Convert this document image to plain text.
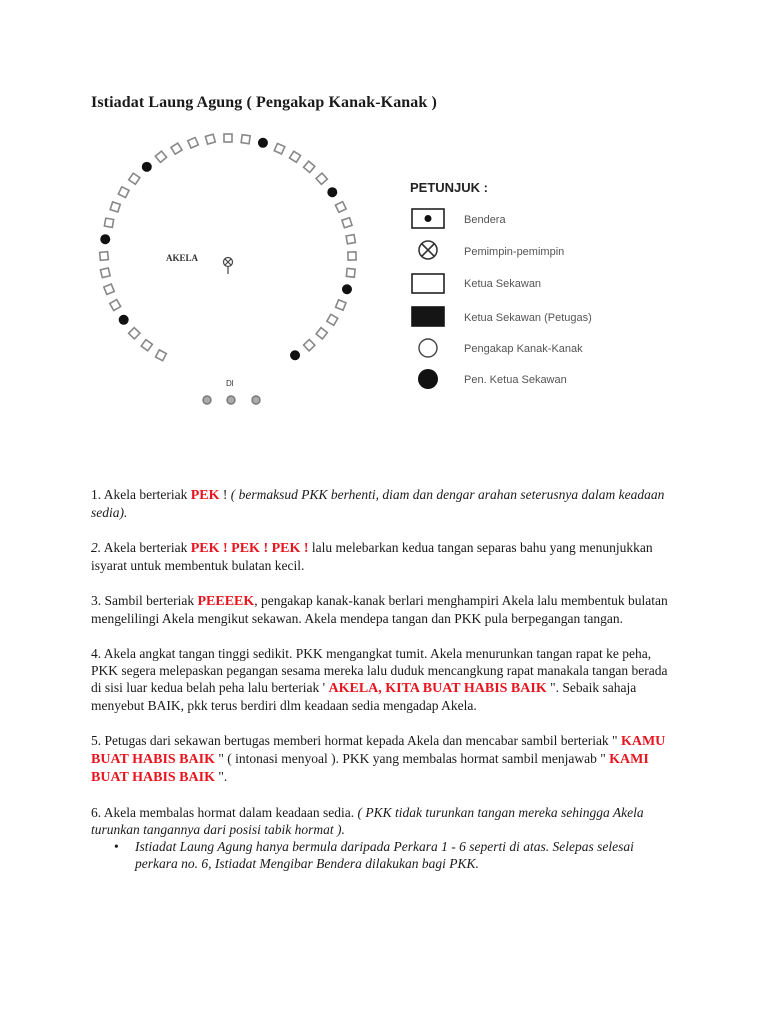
Istiadat Laung Agung ( Pengakap Kanak-Kanak )
AKELA
Dl
PETUNJUK :
Bendera
Pemimpin-pemimpin
Ketua Sekawan
Ketua Sekawan (Petugas)
Pengakap Kanak-Kanak
Pen. Ketua Sekawan

1. Akela berteriak PEK ! ( bermaksud PKK berhenti, diam dan dengar arahan seterusnya dalam keadaan sedia).

2. Akela berteriak PEK ! PEK ! PEK ! lalu melebarkan kedua tangan separas bahu yang menunjukkan isyarat untuk membentuk bulatan kecil.

3. Sambil berteriak PEEEEK, pengakap kanak-kanak berlari menghampiri Akela lalu membentuk bulatan mengelilingi Akela mengikut sekawan. Akela mendepa tangan dan PKK pula berpegangan tangan.

4. Akela angkat tangan tinggi sedikit. PKK mengangkat tumit. Akela menurunkan tangan rapat ke peha, PKK segera melepaskan pegangan sesama mereka lalu duduk mencangkung rapat manakala tangan berada di sisi luar kedua belah peha lalu berteriak ' AKELA, KITA BUAT HABIS BAIK ". Sebaik sahaja menyebut BAIK, pkk terus berdiri dlm keadaan sedia mengadap Akela.

5. Petugas dari sekawan bertugas memberi hormat kepada Akela dan mencabar sambil berteriak " KAMU BUAT HABIS BAIK " ( intonasi menyoal ). PKK yang membalas hormat sambil menjawab " KAMI BUAT HABIS BAIK ".

6. Akela membalas hormat dalam keadaan sedia. ( PKK tidak turunkan tangan mereka sehingga Akela turunkan tangannya dari posisi tabik hormat ).

• Istiadat Laung Agung hanya bermula daripada Perkara 1 - 6 seperti di atas. Selepas selesai perkara no. 6, Istiadat Mengibar Bendera dilakukan bagi PKK.
